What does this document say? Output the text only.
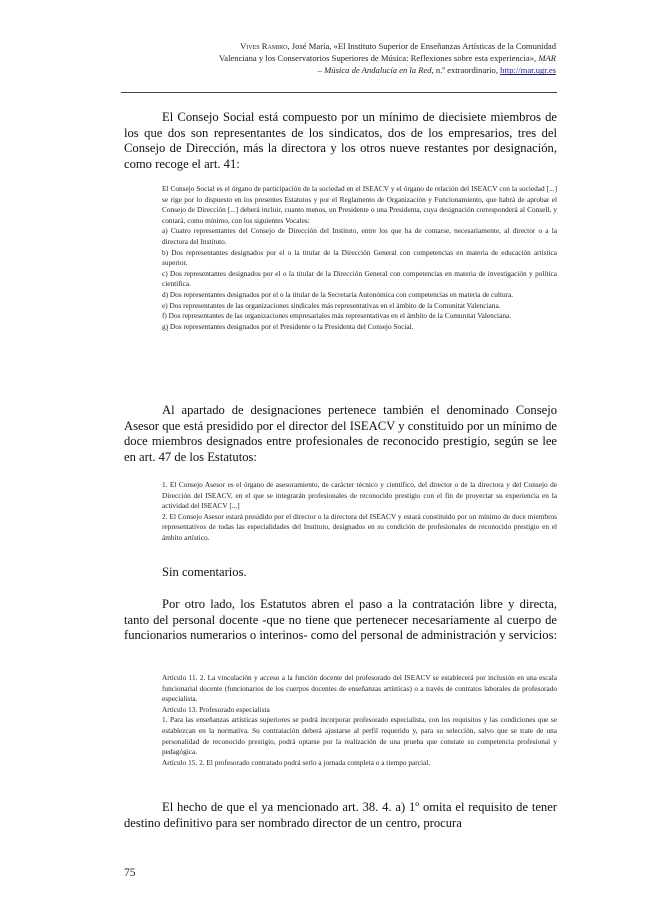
Vives Ramiro, José María, «El Instituto Superior de Enseñanzas Artísticas de la Comunidad
Valenciana y los Conservatorios Superiores de Música: Reflexiones sobre esta experiencia», MAR
– Música de Andalucía en la Red, n.º extraordinario, http://mar.ugr.es

El Consejo Social está compuesto por un mínimo de diecisiete miembros de los que dos son representantes de los sindicatos, dos de los empresarios, tres del Consejo de Dirección, más la directora y los otros nueve restantes por designación, como recoge el art. 41:

El Consejo Social es el órgano de participación de la sociedad en el ISEACV y el órgano de relación del ISEACV con la sociedad [...] se rige por lo dispuesto en los presentes Estatutos y por el Reglamento de Organización y Funcionamiento, que habrá de aprobar el Consejo de Dirección [...] deberá incluir, cuanto menos, un Presidente o una Presidenta, cuya designación corresponderá al Consell, y contará, como mínimo, con los siguientes Vocales:

a) Cuatro representantes del Consejo de Dirección del Instituto, entre los que ha de contarse, necesariamente, al director o a la directora del Instituto.

b) Dos representantes designados por el o la titular de la Dirección General con competencias en materia de educación artística superior.

c) Dos representantes designados por el o la titular de la Dirección General con competencias en materia de investigación y política científica.

d) Dos representantes designados por el o la titular de la Secretaría Autonómica con competencias en materia de cultura.

e) Dos representantes de las organizaciones sindicales más representativas en el ámbito de la Comunitat Valenciana.

f) Dos representantes de las organizaciones empresariales más representativas en el ámbito de la Comunitat Valenciana.

g) Dos representantes designados por el Presidente o la Presidenta del Consejo Social.

Al apartado de designaciones pertenece también el denominado Consejo Asesor que está presidido por el director del ISEACV y constituido por un mínimo de doce miembros designados entre profesionales de reconocido prestigio, según se lee en art. 47 de los Estatutos:

1. El Consejo Asesor es el órgano de asesoramiento, de carácter técnico y científico, del director o de la directora y del Consejo de Dirección del ISEACV, en el que se integrarán profesionales de reconocido prestigio con el fin de proyectar su experiencia en la actividad del ISEACV [...]

2. El Consejo Asesor estará presidido por el director o la directora del ISEACV y estará constituido por un mínimo de doce miembros representativos de todas las especialidades del Instituto, designados en su condición de profesionales de reconocido prestigio en el ámbito artístico.

Sin comentarios.

Por otro lado, los Estatutos abren el paso a la contratación libre y directa, tanto del personal docente -que no tiene que pertenecer necesariamente al cuerpo de funcionarios numerarios o interinos- como del personal de administración y servicios:

Artículo 11. 2. La vinculación y acceso a la función docente del profesorado del ISEACV se establecerá por inclusión en una escala funcionarial docente (funcionarios de los cuerpos docentes de enseñanzas artísticas) o a través de contratos laborales de profesorado especialista.

Artículo 13. Profesorado especialista

1. Para las enseñanzas artísticas superiores se podrá incorporar profesorado especialista, con los requisitos y las condiciones que se establezcan en la normativa. Su contratación deberá ajustarse al perfil requerido y, para su selección, salvo que se trate de una personalidad de reconocido prestigio, podrá optarse por la realización de una prueba que constate su competencia profesional y pedagógica.

Artículo 15. 2. El profesorado contratado podrá serlo a jornada completa o a tiempo parcial.

El hecho de que el ya mencionado art. 38. 4. a) 1º omita el requisito de tener destino definitivo para ser nombrado director de un centro, procura

75
